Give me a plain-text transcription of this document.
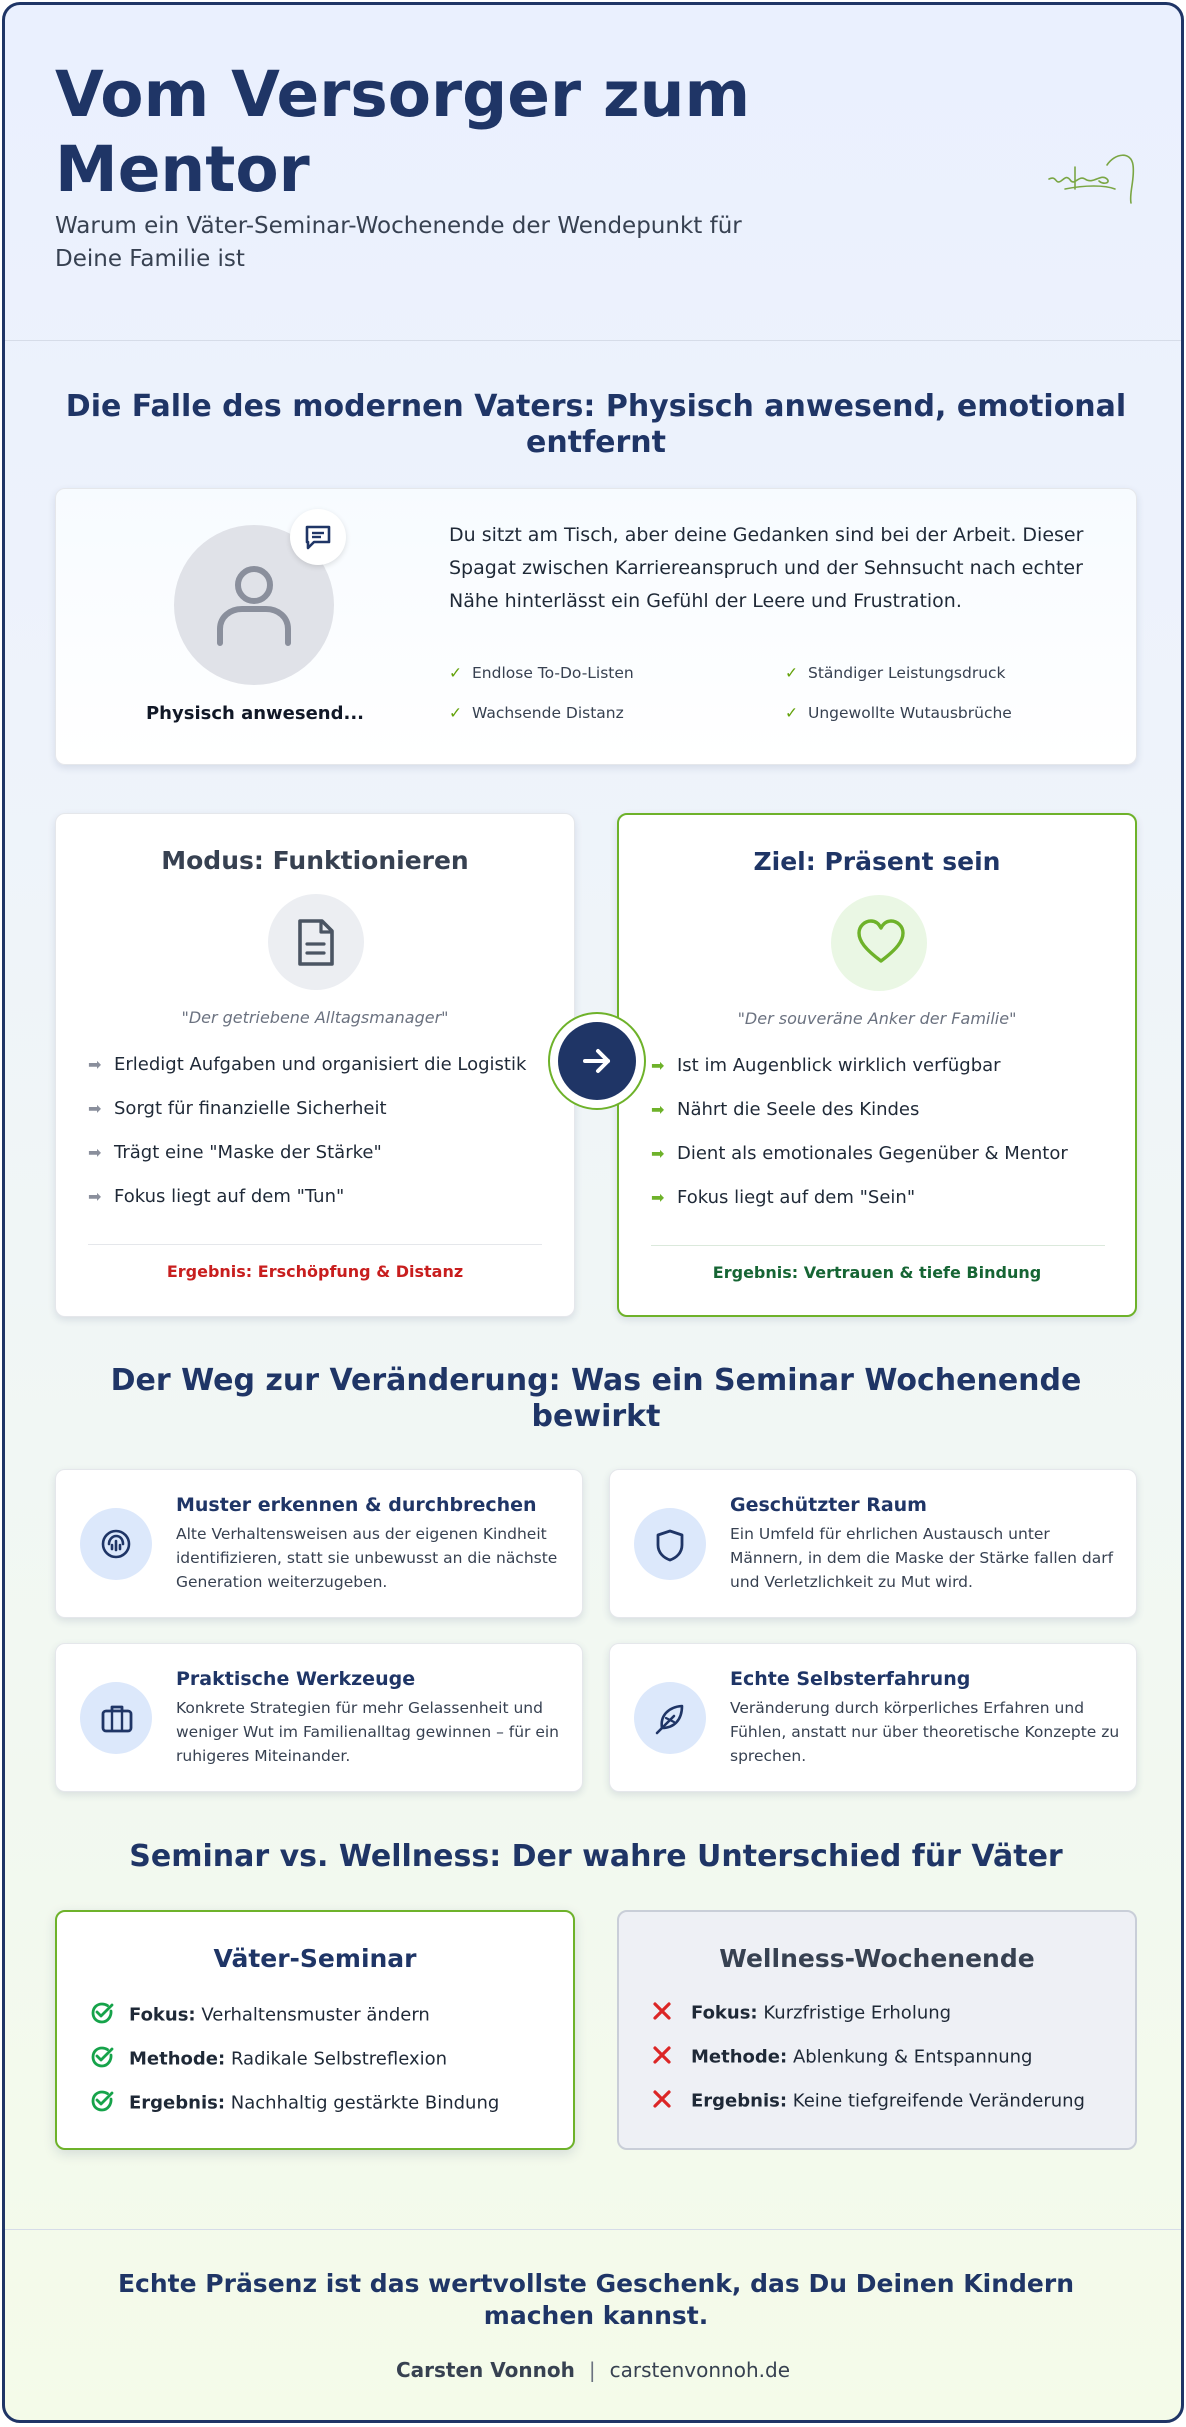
Vom Versorger zum Mentor
Warum ein Väter-Seminar-Wochenende der Wendepunkt für Deine Familie ist
Die Falle des modernen Vaters: Physisch anwesend, emotional entfernt
Physisch anwesend...
Du sitzt am Tisch, aber deine Gedanken sind bei der Arbeit. Dieser Spagat zwischen Karriereanspruch und der Sehnsucht nach echter Nähe hinterlässt ein Gefühl der Leere und Frustration.
✓ Endlose To-Do-Listen	✓ Ständiger Leistungsdruck
✓ Wachsende Distanz	✓ Ungewollte Wutausbrüche
Modus: Funktionieren
"Der getriebene Alltagsmanager"
➡ Erledigt Aufgaben und organisiert die Logistik
➡ Sorgt für finanzielle Sicherheit
➡ Trägt eine "Maske der Stärke"
➡ Fokus liegt auf dem "Tun"
Ergebnis: Erschöpfung & Distanz
Ziel: Präsent sein
"Der souveräne Anker der Familie"
➡ Ist im Augenblick wirklich verfügbar
➡ Nährt die Seele des Kindes
➡ Dient als emotionales Gegenüber & Mentor
➡ Fokus liegt auf dem "Sein"
Ergebnis: Vertrauen & tiefe Bindung
Der Weg zur Veränderung: Was ein Seminar Wochenende bewirkt
Muster erkennen & durchbrechen
Alte Verhaltensweisen aus der eigenen Kindheit identifizieren, statt sie unbewusst an die nächste Generation weiterzugeben.
Geschützter Raum
Ein Umfeld für ehrlichen Austausch unter Männern, in dem die Maske der Stärke fallen darf und Verletzlichkeit zu Mut wird.
Praktische Werkzeuge
Konkrete Strategien für mehr Gelassenheit und weniger Wut im Familienalltag gewinnen – für ein ruhigeres Miteinander.
Echte Selbsterfahrung
Veränderung durch körperliches Erfahren und Fühlen, anstatt nur über theoretische Konzepte zu sprechen.
Seminar vs. Wellness: Der wahre Unterschied für Väter
Väter-Seminar
Fokus: Verhaltensmuster ändern
Methode: Radikale Selbstreflexion
Ergebnis: Nachhaltig gestärkte Bindung
Wellness-Wochenende
Fokus: Kurzfristige Erholung
Methode: Ablenkung & Entspannung
Ergebnis: Keine tiefgreifende Veränderung
Echte Präsenz ist das wertvollste Geschenk, das Du Deinen Kindern machen kannst.
Carsten Vonnoh | carstenvonnoh.de
